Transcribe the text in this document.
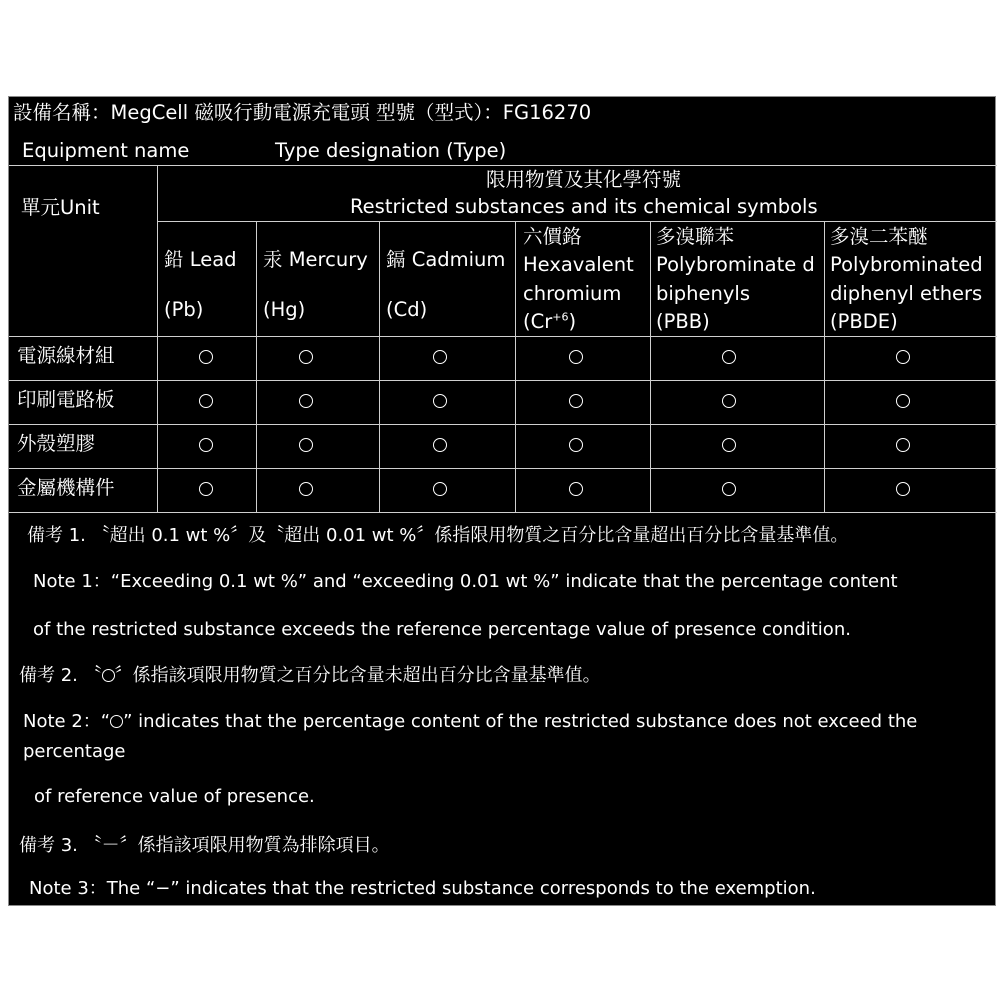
設備名稱：MegCell 磁吸行動電源充電頭 型號（型式）：FG16270
Equipment name	Type designation (Type)
單元Unit
限用物質及其化學符號
Restricted substances and its chemical symbols
鉛 Lead
(Pb)
汞 Mercury
(Hg)
鎘 Cadmium
(Cd)
六價鉻
Hexavalent
chromium
$(Cr^{+6})$
多溴聯苯
Polybrominate d
biphenyls
(PBB)
多溴二苯醚
Polybrominated
diphenyl ethers
(PBDE)
電源線材組
印刷電路板
外殼塑膠
金屬機構件
備考 1. 〝超出 0.1 wt %〞及〝超出 0.01 wt %〞係指限用物質之百分比含量超出百分比含量基準值。
Note 1：“Exceeding 0.1 wt %” and “exceeding 0.01 wt %” indicate that the percentage content
of the restricted substance exceeds the reference percentage value of presence condition.
備考 2. 〝 〞係指該項限用物質之百分比含量未超出百分比含量基準值。
Note 2：“ ” indicates that the percentage content of the restricted substance does not exceed the
percentage
of reference value of presence.
備考 3. 〝－〞係指該項限用物質為排除項目。
Note 3：The “−” indicates that the restricted substance corresponds to the exemption.
